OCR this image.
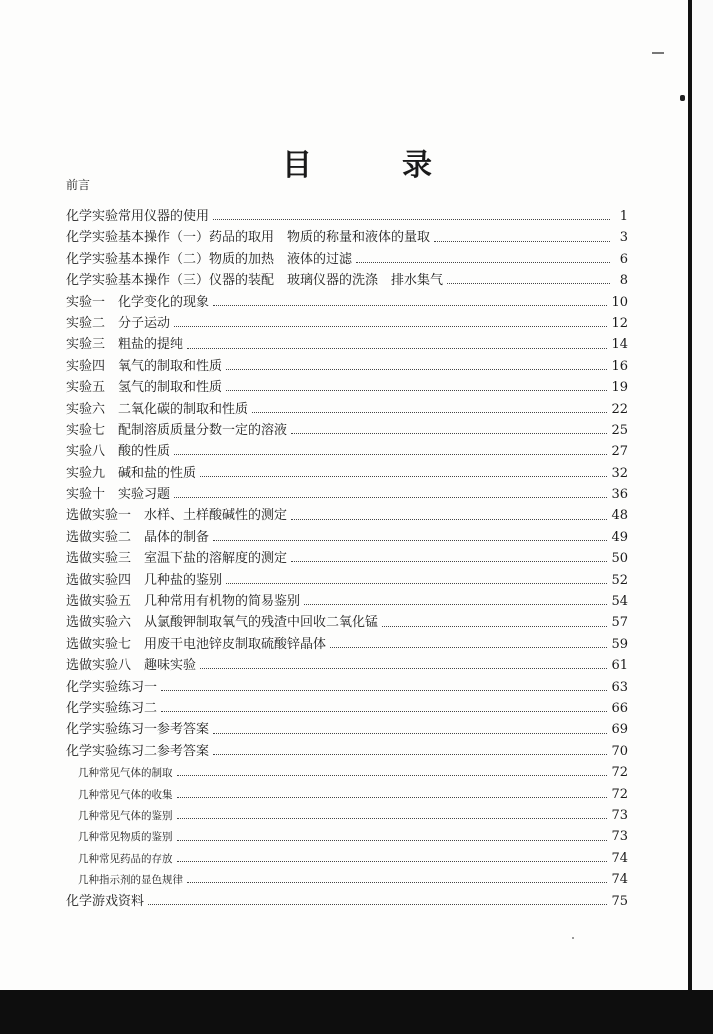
目	录
前言
化学实验常用仪器的使用	1
化学实验基本操作（一）药品的取用　物质的称量和液体的量取	3
化学实验基本操作（二）物质的加热　液体的过滤	6
化学实验基本操作（三）仪器的装配　玻璃仪器的洗涤　排水集气	8
实验一　化学变化的现象	10
实验二　分子运动	12
实验三　粗盐的提纯	14
实验四　氧气的制取和性质	16
实验五　氢气的制取和性质	19
实验六　二氧化碳的制取和性质	22
实验七　配制溶质质量分数一定的溶液	25
实验八　酸的性质	27
实验九　碱和盐的性质	32
实验十　实验习题	36
选做实验一　水样、土样酸碱性的测定	48
选做实验二　晶体的制备	49
选做实验三　室温下盐的溶解度的测定	50
选做实验四　几种盐的鉴别	52
选做实验五　几种常用有机物的简易鉴别	54
选做实验六　从氯酸钾制取氧气的残渣中回收二氧化锰	57
选做实验七　用废干电池锌皮制取硫酸锌晶体	59
选做实验八　趣味实验	61
化学实验练习一	63
化学实验练习二	66
化学实验练习一参考答案	69
化学实验练习二参考答案	70
几种常见气体的制取	72
几种常见气体的收集	72
几种常见气体的鉴别	73
几种常见物质的鉴别	73
几种常见药品的存放	74
几种指示剂的显色规律	74
化学游戏资料	75
